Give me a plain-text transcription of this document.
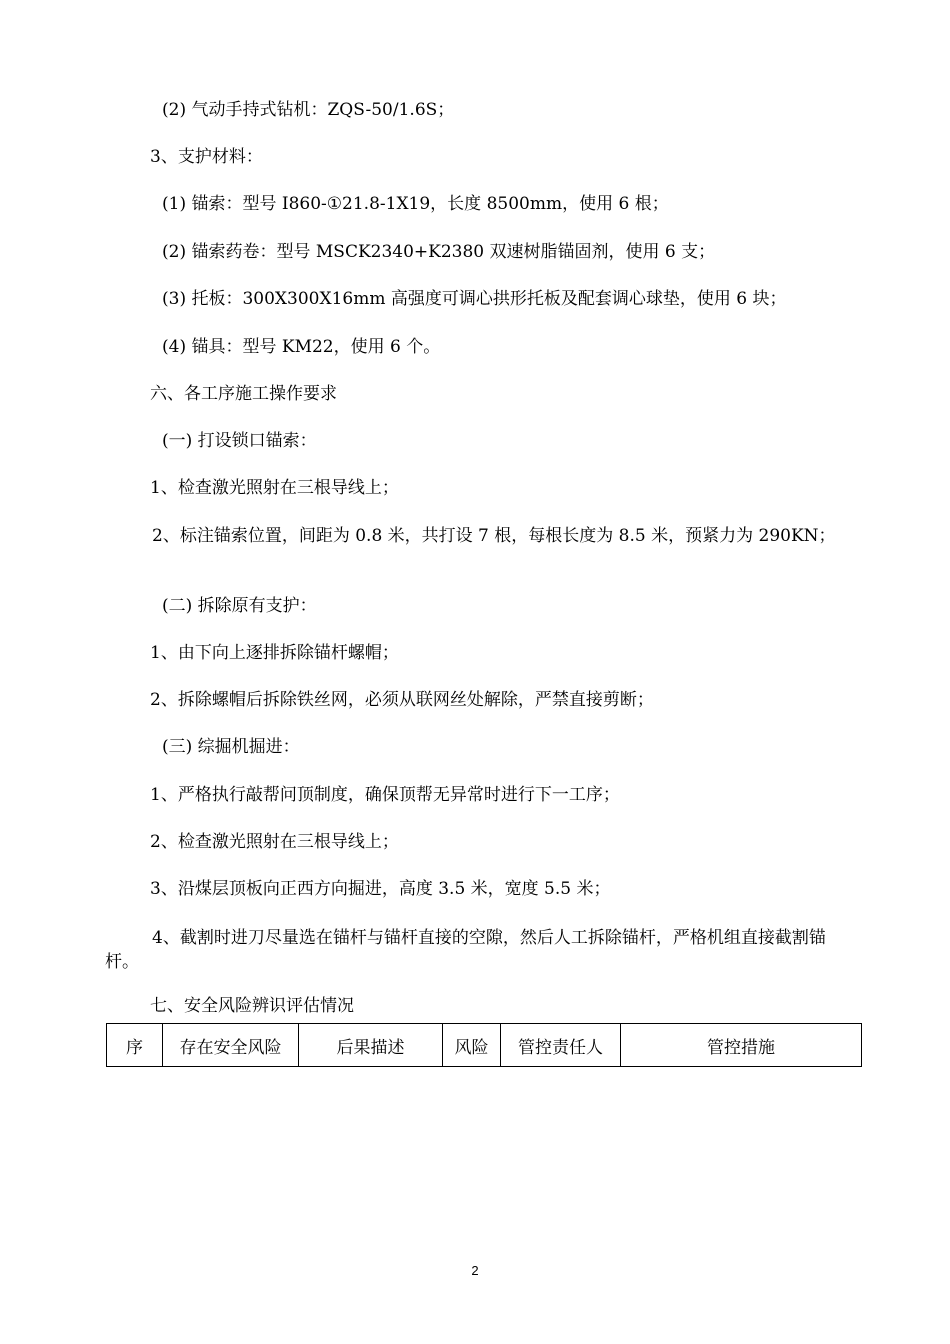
(2) 气动手持式钻机：ZQS-50/1.6S；
3、支护材料：
(1) 锚索：型号 I860-①21.8-1X19，长度 8500mm，使用 6 根；
(2) 锚索药卷：型号 MSCK2340+K2380 双速树脂锚固剂，使用 6 支；
(3) 托板：300X300X16mm 高强度可调心拱形托板及配套调心球垫，使用 6 块；
(4) 锚具：型号 KM22，使用 6 个。
六、各工序施工操作要求
(一) 打设锁口锚索：
1、检查激光照射在三根导线上；
2、标注锚索位置，间距为 0.8 米，共打设 7 根，每根长度为 8.5 米，预紧力为 290KN；
(二) 拆除原有支护：
1、由下向上逐排拆除锚杆螺帽；
2、拆除螺帽后拆除铁丝网，必须从联网丝处解除，严禁直接剪断；
(三) 综掘机掘进：
1、严格执行敲帮问顶制度，确保顶帮无异常时进行下一工序；
2、检查激光照射在三根导线上；
3、沿煤层顶板向正西方向掘进，高度 3.5 米，宽度 5.5 米；
4、截割时进刀尽量选在锚杆与锚杆直接的空隙，然后人工拆除锚杆，严格机组直接截割锚杆。
七、安全风险辨识评估情况
序	存在安全风险	后果描述	风险	管控责任人	管控措施
2
